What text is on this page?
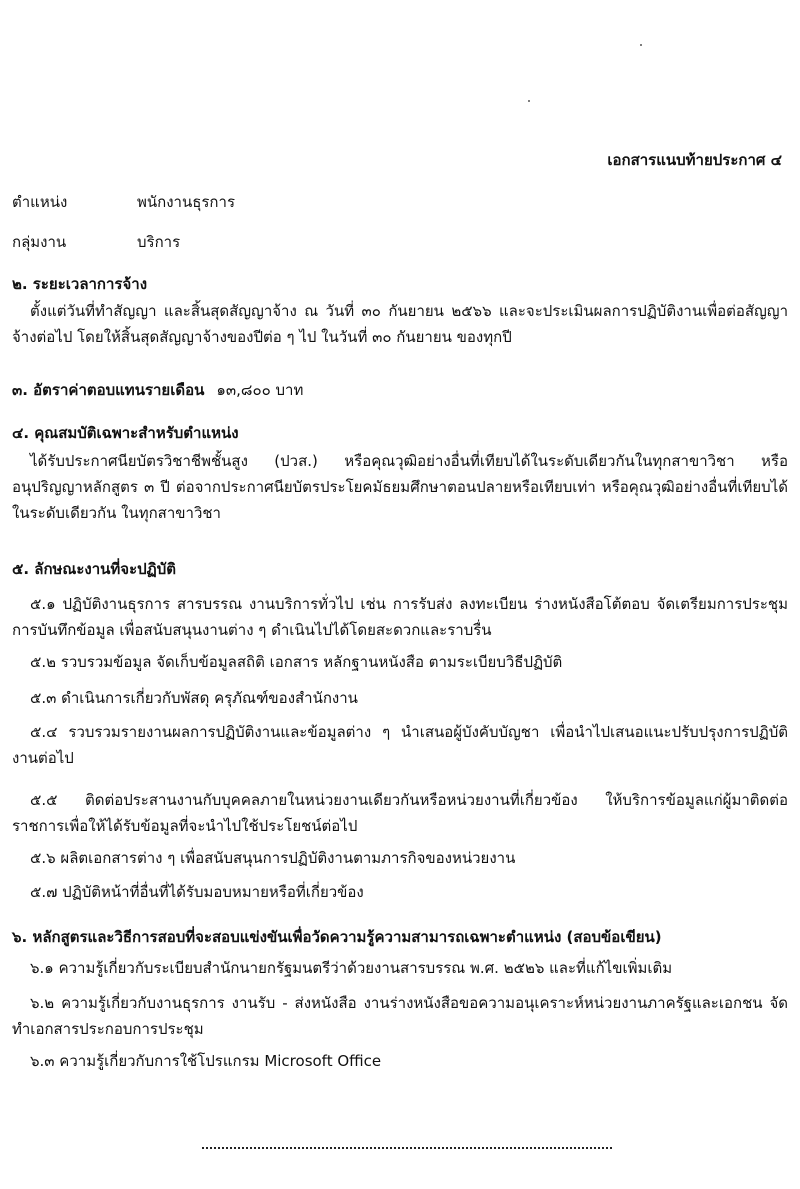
เอกสารแนบท้ายประกาศ ๔
ตำแหน่ง	พนักงานธุรการ
กลุ่มงาน	บริการ
๒. ระยะเวลาการจ้าง
ตั้งแต่วันที่ทำสัญญา และสิ้นสุดสัญญาจ้าง ณ วันที่ ๓๐ กันยายน ๒๕๖๖ และจะประเมินผลการปฏิบัติงานเพื่อต่อสัญญาจ้างต่อไป โดยให้สิ้นสุดสัญญาจ้างของปีต่อ ๆ ไป ในวันที่ ๓๐ กันยายน ของทุกปี
๓. อัตราค่าตอบแทนรายเดือน ๑๓,๘๐๐ บาท
๔. คุณสมบัติเฉพาะสำหรับตำแหน่ง
ได้รับประกาศนียบัตรวิชาชีพชั้นสูง (ปวส.) หรือคุณวุฒิอย่างอื่นที่เทียบได้ในระดับเดียวกันในทุกสาขาวิชา หรืออนุปริญญาหลักสูตร ๓ ปี ต่อจากประกาศนียบัตรประโยคมัธยมศึกษาตอนปลายหรือเทียบเท่า หรือคุณวุฒิอย่างอื่นที่เทียบได้ในระดับเดียวกัน ในทุกสาขาวิชา
๕. ลักษณะงานที่จะปฏิบัติ
๕.๑ ปฏิบัติงานธุรการ สารบรรณ งานบริการทั่วไป เช่น การรับส่ง ลงทะเบียน ร่างหนังสือโต้ตอบ จัดเตรียมการประชุม การบันทึกข้อมูล เพื่อสนับสนุนงานต่าง ๆ ดำเนินไปได้โดยสะดวกและราบรื่น
๕.๒ รวบรวมข้อมูล จัดเก็บข้อมูลสถิติ เอกสาร หลักฐานหนังสือ ตามระเบียบวิธีปฏิบัติ
๕.๓ ดำเนินการเกี่ยวกับพัสดุ ครุภัณฑ์ของสำนักงาน
๕.๔ รวบรวมรายงานผลการปฏิบัติงานและข้อมูลต่าง ๆ นำเสนอผู้บังคับบัญชา เพื่อนำไปเสนอแนะปรับปรุงการปฏิบัติงานต่อไป
๕.๕ ติดต่อประสานงานกับบุคคลภายในหน่วยงานเดียวกันหรือหน่วยงานที่เกี่ยวข้อง ให้บริการข้อมูลแก่ผู้มาติดต่อราชการเพื่อให้ได้รับข้อมูลที่จะนำไปใช้ประโยชน์ต่อไป
๕.๖ ผลิตเอกสารต่าง ๆ เพื่อสนับสนุนการปฏิบัติงานตามภารกิจของหน่วยงาน
๕.๗ ปฏิบัติหน้าที่อื่นที่ได้รับมอบหมายหรือที่เกี่ยวข้อง
๖. หลักสูตรและวิธีการสอบที่จะสอบแข่งขันเพื่อวัดความรู้ความสามารถเฉพาะตำแหน่ง (สอบข้อเขียน)
๖.๑ ความรู้เกี่ยวกับระเบียบสำนักนายกรัฐมนตรีว่าด้วยงานสารบรรณ พ.ศ. ๒๕๒๖ และที่แก้ไขเพิ่มเติม
๖.๒ ความรู้เกี่ยวกับงานธุรการ งานรับ - ส่งหนังสือ งานร่างหนังสือขอความอนุเคราะห์หน่วยงานภาครัฐและเอกชน จัดทำเอกสารประกอบการประชุม
๖.๓ ความรู้เกี่ยวกับการใช้โปรแกรม Microsoft Office
